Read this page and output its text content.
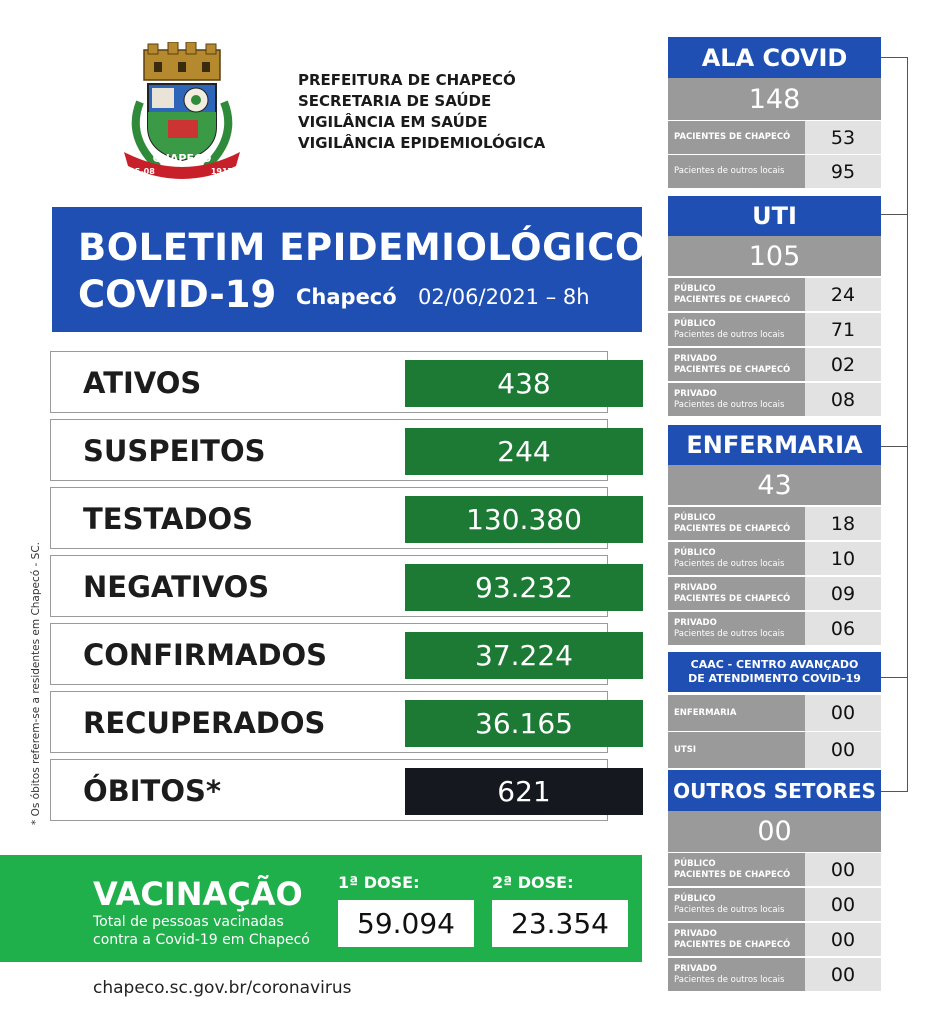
CHAPECÓ
25-08	1917
PREFEITURA DE CHAPECÓ
SECRETARIA DE SAÚDE
VIGILÂNCIA EM SAÚDE
VIGILÂNCIA EPIDEMIOLÓGICA
BOLETIM EPIDEMIOLÓGICO
COVID-19 Chapecó 02/06/2021 – 8h
ATIVOS	438
SUSPEITOS	244
TESTADOS	130.380
NEGATIVOS	93.232
CONFIRMADOS	37.224
RECUPERADOS	36.165
ÓBITOS*	621
* Os óbitos referem-se a residentes em Chapecó - SC.
VACINAÇÃO
Total de pessoas vacinadas
contra a Covid-19 em Chapecó
1ª DOSE:
59.094
2ª DOSE:
23.354
chapeco.sc.gov.br/coronavirus
ALA COVID
148
PACIENTES DE CHAPECÓ	53
Pacientes de outros locais	95
UTI
105
PÚBLICO
PACIENTES DE CHAPECÓ	24
PÚBLICO
Pacientes de outros locais	71
PRIVADO
PACIENTES DE CHAPECÓ	02
PRIVADO
Pacientes de outros locais	08
ENFERMARIA
43
PÚBLICO
PACIENTES DE CHAPECÓ	18
PÚBLICO
Pacientes de outros locais	10
PRIVADO
PACIENTES DE CHAPECÓ	09
PRIVADO
Pacientes de outros locais	06
CAAC - CENTRO AVANÇADO
DE ATENDIMENTO COVID-19
ENFERMARIA	00
UTSI	00
OUTROS SETORES
00
PÚBLICO
PACIENTES DE CHAPECÓ	00
PÚBLICO
Pacientes de outros locais	00
PRIVADO
PACIENTES DE CHAPECÓ	00
PRIVADO
Pacientes de outros locais	00
